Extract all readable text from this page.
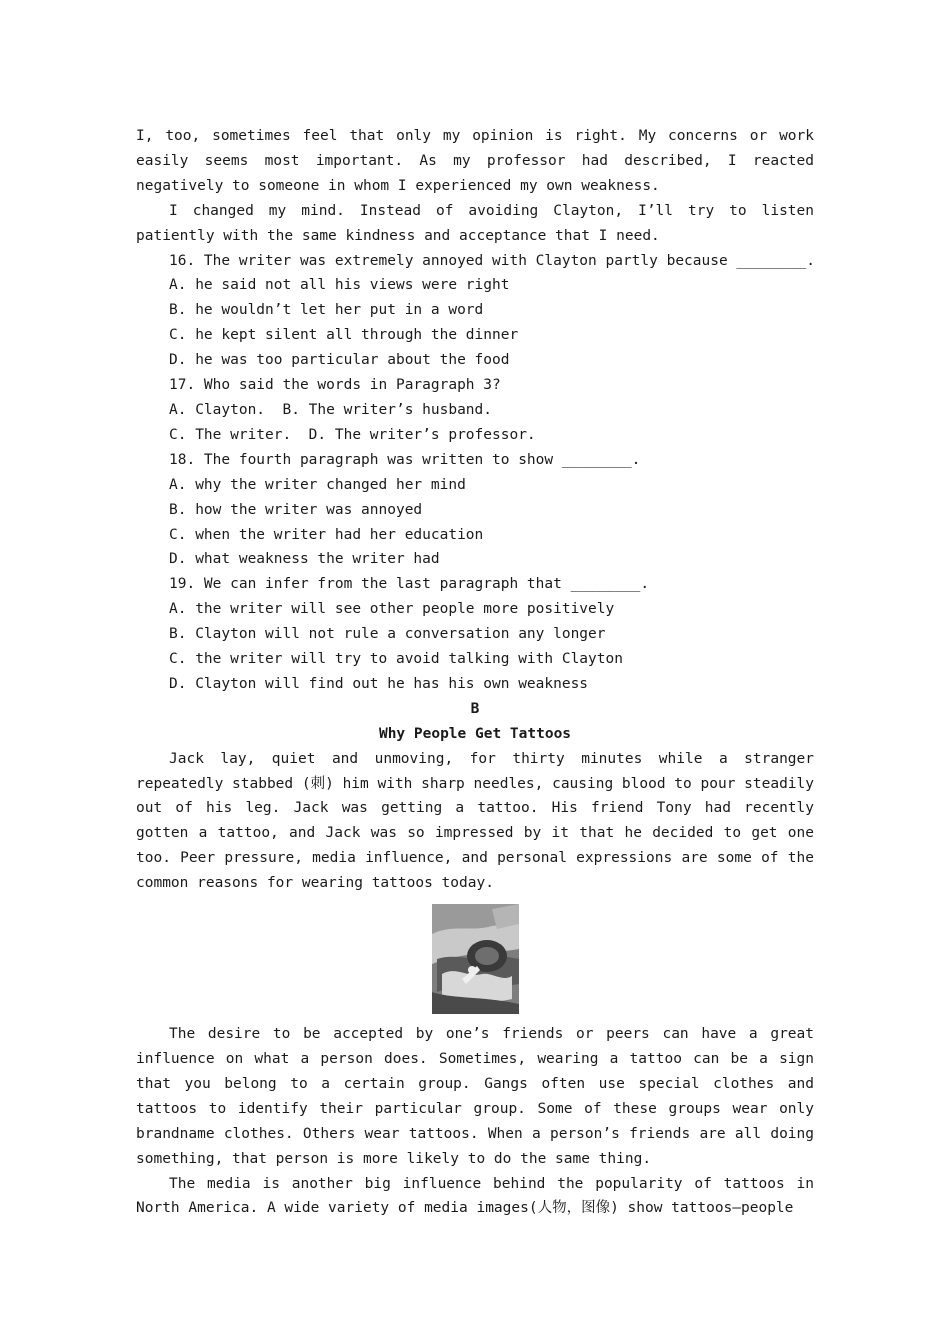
I, too, sometimes feel that only my opinion is right. My concerns or work easily seems most important. As my professor had described, I reacted negatively to someone in whom I experienced my own weakness.

I changed my mind. Instead of avoiding Clayton, I’ll try to listen patiently with the same kindness and acceptance that I need.

16. The writer was extremely annoyed with Clayton partly because ________.

A. he said not all his views were right

B. he wouldn’t let her put in a word

C. he kept silent all through the dinner

D. he was too particular about the food

17. Who said the words in Paragraph 3?

A. Clayton.  B. The writer’s husband.

C. The writer.  D. The writer’s professor.

18. The fourth paragraph was written to show ________.

A. why the writer changed her mind

B. how the writer was annoyed

C. when the writer had her education

D. what weakness the writer had

19. We can infer from the last paragraph that ________.

A. the writer will see other people more positively

B. Clayton will not rule a conversation any longer

C. the writer will try to avoid talking with Clayton

D. Clayton will find out he has his own weakness

B

Why People Get Tattoos

Jack lay, quiet and unmoving, for thirty minutes while a stranger repeatedly stabbed (刺) him with sharp needles, causing blood to pour steadily out of his leg. Jack was getting a tattoo. His friend Tony had recently gotten a tattoo, and Jack was so impressed by it that he decided to get one too. Peer pressure, media influence, and personal expressions are some of the common reasons for wearing tattoos today.

The desire to be accepted by one’s friends or peers can have a great influence on what a person does. Sometimes, wearing a tattoo can be a sign that you belong to a certain group. Gangs often use special clothes and tattoos to identify their particular group. Some of these groups wear only brandname clothes. Others wear tattoos. When a person’s friends are all doing something, that person is more likely to do the same thing.

The media is another big influence behind the popularity of tattoos in North America. A wide variety of media images(人物，图像) show tattoos—people
